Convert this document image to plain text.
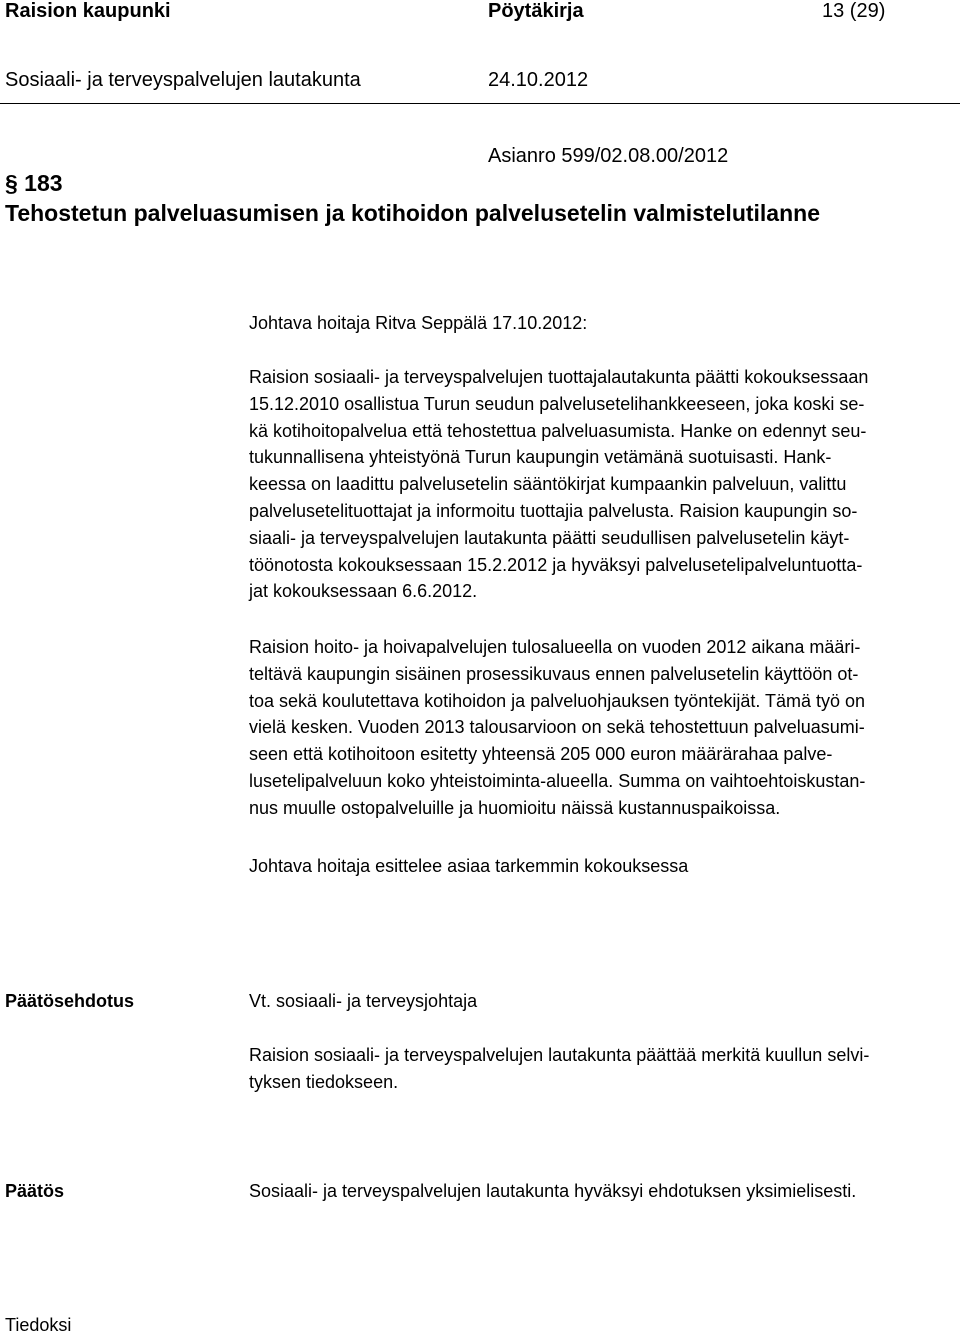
Raision kaupunki	Pöytäkirja	13 (29)
Sosiaali- ja terveyspalvelujen lautakunta	24.10.2012
Asianro 599/02.08.00/2012
§ 183
Tehostetun palveluasumisen ja kotihoidon palvelusetelin valmistelutilanne
Johtava hoitaja Ritva Seppälä 17.10.2012:
Raision sosiaali- ja terveyspalvelujen tuottajalautakunta päätti kokouksessaan
15.12.2010 osallistua Turun seudun palvelusetelihankkeeseen, joka koski se-
kä kotihoitopalvelua että tehostettua palveluasumista. Hanke on edennyt seu-
tukunnallisena yhteistyönä Turun kaupungin vetämänä suotuisasti. Hank-
keessa on laadittu palvelusetelin sääntökirjat kumpaankin palveluun, valittu
palvelusetelituottajat ja informoitu tuottajia palvelusta. Raision kaupungin so-
siaali- ja terveyspalvelujen lautakunta päätti seudullisen palvelusetelin käyt-
töönotosta kokouksessaan 15.2.2012 ja hyväksyi palvelusetelipalveluntuotta-
jat kokouksessaan 6.6.2012.
Raision hoito- ja hoivapalvelujen tulosalueella on vuoden 2012 aikana määri-
teltävä kaupungin sisäinen prosessikuvaus ennen palvelusetelin käyttöön ot-
toa sekä koulutettava kotihoidon ja palveluohjauksen työntekijät. Tämä työ on
vielä kesken. Vuoden 2013 talousarvioon on sekä tehostettuun palveluasumi-
seen että kotihoitoon esitetty yhteensä 205 000 euron määrärahaa palve-
lusetelipalveluun koko yhteistoiminta-alueella. Summa on vaihtoehtoiskustan-
nus muulle ostopalveluille ja huomioitu näissä kustannuspaikoissa.
Johtava hoitaja esittelee asiaa tarkemmin kokouksessa
Päätösehdotus	Vt. sosiaali- ja terveysjohtaja
Raision sosiaali- ja terveyspalvelujen lautakunta päättää merkitä kuullun selvi-
tyksen tiedokseen.
Päätös	Sosiaali- ja terveyspalvelujen lautakunta hyväksyi ehdotuksen yksimielisesti.
Tiedoksi
